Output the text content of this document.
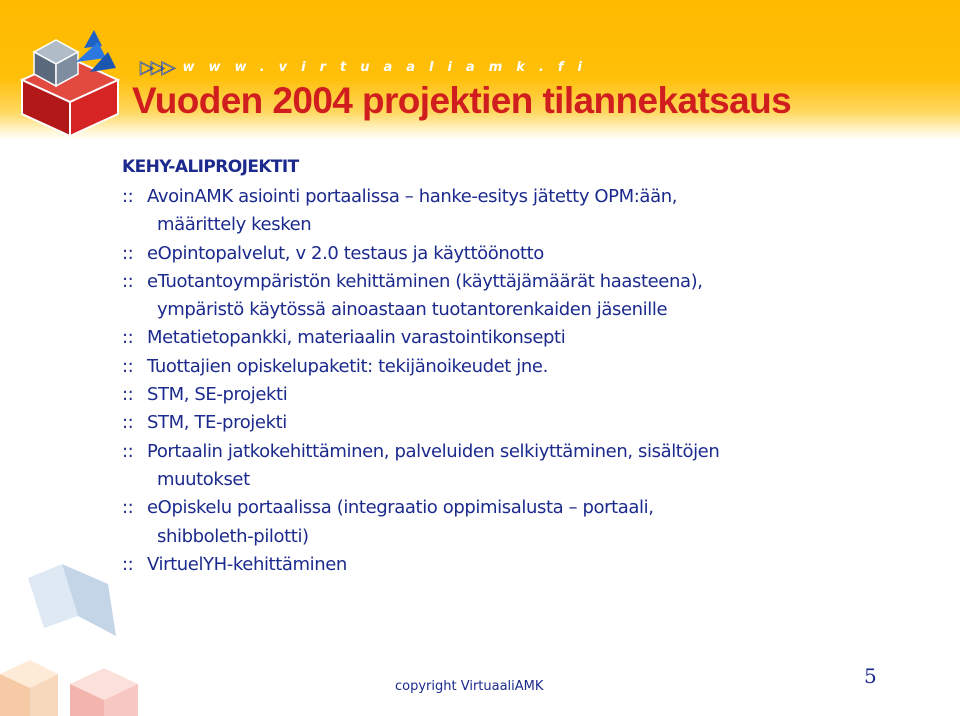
▷▷▷ www.virtuaaliamk.fi
Vuoden 2004 projektien tilannekatsaus
KEHY-ALIPROJEKTIT
:: AvoinAMK asiointi portaalissa – hanke-esitys jätetty OPM:ään,
määrittely kesken
:: eOpintopalvelut, v 2.0 testaus ja käyttöönotto
:: eTuotantoympäristön kehittäminen (käyttäjämäärät haasteena),
ympäristö käytössä ainoastaan tuotantorenkaiden jäsenille
:: Metatietopankki, materiaalin varastointikonsepti
:: Tuottajien opiskelupaketit: tekijänoikeudet jne.
:: STM, SE-projekti
:: STM, TE-projekti
:: Portaalin jatkokehittäminen, palveluiden selkiyttäminen, sisältöjen
muutokset
:: eOpiskelu portaalissa (integraatio oppimisalusta – portaali,
shibboleth-pilotti)
:: VirtuelYH-kehittäminen
copyright VirtuaaliAMK	5
